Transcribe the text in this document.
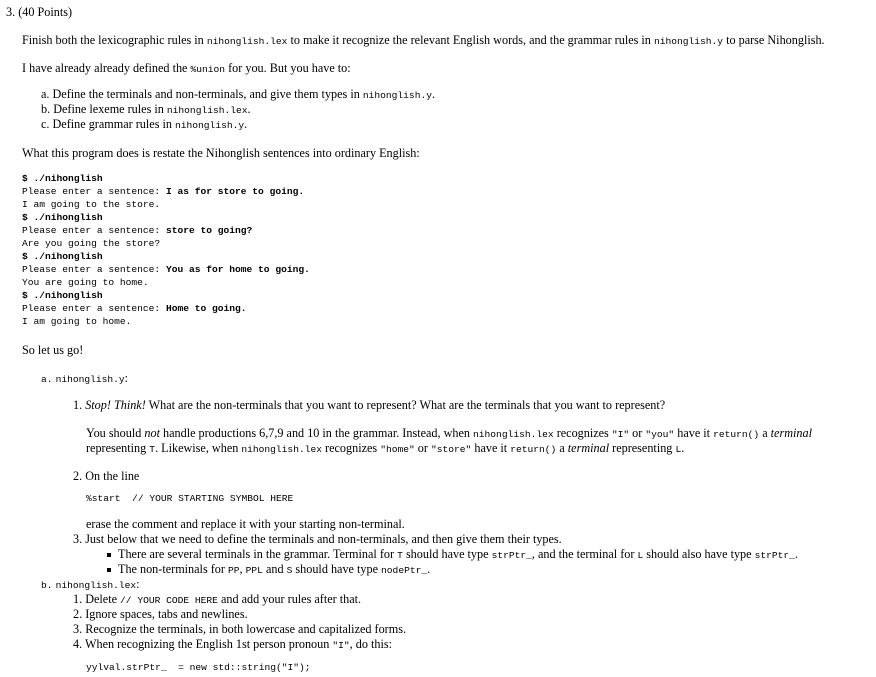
3. (40 Points)
Finish both the lexicographic rules in nihonglish.lex to make it recognize the relevant English words, and the grammar rules in nihonglish.y to parse Nihonglish.
I have already already defined the %union for you. But you have to:
a. Define the terminals and non-terminals, and give them types in nihonglish.y.
b. Define lexeme rules in nihonglish.lex.
c. Define grammar rules in nihonglish.y.
What this program does is restate the Nihonglish sentences into ordinary English:
$ ./nihonglish
Please enter a sentence: I as for store to going.
I am going to the store.
$ ./nihonglish
Please enter a sentence: store to going?
Are you going the store?
$ ./nihonglish
Please enter a sentence: You as for home to going.
You are going to home.
$ ./nihonglish
Please enter a sentence: Home to going.
I am going to home.
So let us go!
a. nihonglish.y:
1. Stop! Think! What are the non-terminals that you want to represent? What are the terminals that you want to represent?
You should not handle productions 6,7,9 and 10 in the grammar. Instead, when nihonglish.lex recognizes "I" or "you" have it return() a terminal
representing T. Likewise, when nihonglish.lex recognizes "home" or "store" have it return() a terminal representing L.
2. On the line
%start  // YOUR STARTING SYMBOL HERE
erase the comment and replace it with your starting non-terminal.
3. Just below that we need to define the terminals and non-terminals, and then give them their types.
There are several terminals in the grammar. Terminal for T should have type strPtr_, and the terminal for L should also have type strPtr_.
The non-terminals for PP, PPL and S should have type nodePtr_.
b. nihonglish.lex:
1. Delete // YOUR CODE HERE and add your rules after that.
2. Ignore spaces, tabs and newlines.
3. Recognize the terminals, in both lowercase and capitalized forms.
4. When recognizing the English 1st person pronoun "I", do this:
yylval.strPtr_  = new std::string("I");
